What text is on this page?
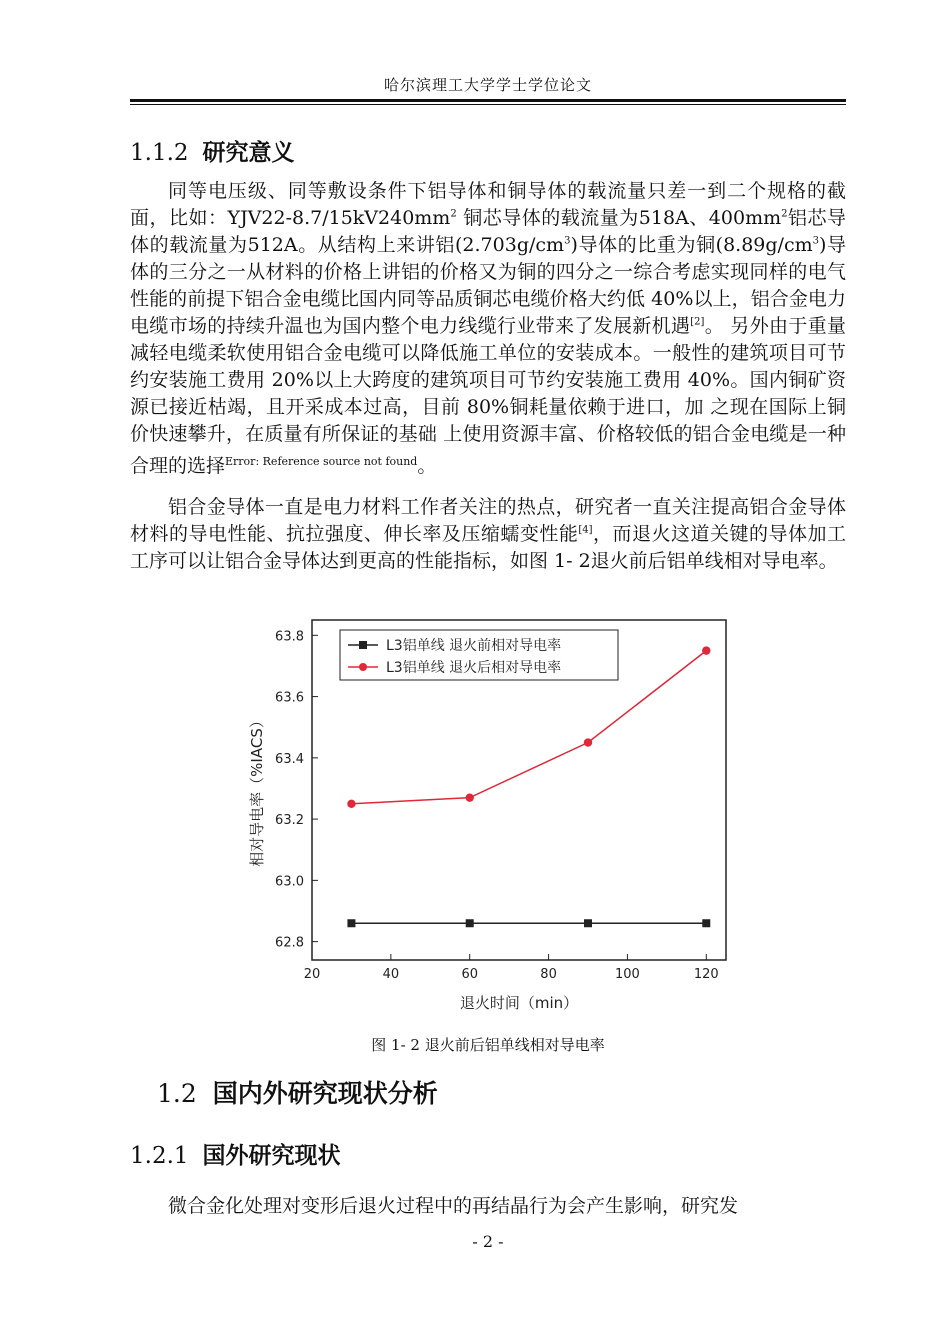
哈尔滨理工大学学士学位论文
1.1.2 研究意义
同等电压级、同等敷设条件下铝导体和铜导体的载流量只差一到二个规格的截面，比如：$YJV22-8.7/15kV240mm^2$ 铜芯导体的载流量为518A、$400mm^2$铝芯导体的载流量为512A。从结构上来讲铝$(2.703g/cm^3)$导体的比重为铜$(8.89g/cm^3)$导体的三分之一从材料的价格上讲铝的价格又为铜的四分之一综合考虑实现同样的电气性能的前提下铝合金电缆比国内同等品质铜芯电缆价格大约低 40%以上，铝合金电力电缆市场的持续升温也为国内整个电力线缆行业带来了发展新机遇[2]。 另外由于重量减轻电缆柔软使用铝合金电缆可以降低施工单位的安装成本。一般性的建筑项目可节约安装施工费用 20%以上大跨度的建筑项目可节约安装施工费用 40%。国内铜矿资源已接近枯竭，且开采成本过高，目前 80%铜耗量依赖于进口，加 之现在国际上铜价快速攀升，在质量有所保证的基础 上使用资源丰富、价格较低的铝合金电缆是一种合理的选择$^{Error: Reference source not found}$。
铝合金导体一直是电力材料工作者关注的热点，研究者一直关注提高铝合金导体材料的导电性能、抗拉强度、伸长率及压缩蠕变性能[4]，而退火这道关键的导体加工工序可以让铝合金导体达到更高的性能指标，如图 1- 2退火前后铝单线相对导电率。
62.8
63.0
63.2
63.4
63.6
63.8
20	40	60	80	100	120
L3铝单线 退火前相对导电率
L3铝单线 退火后相对导电率
退火时间（min）
相对导电率（%IACS）
图 1- 2 退火前后铝单线相对导电率
1.2 国内外研究现状分析
1.2.1 国外研究现状
微合金化处理对变形后退火过程中的再结晶行为会产生影响，研究发
- 2 -
